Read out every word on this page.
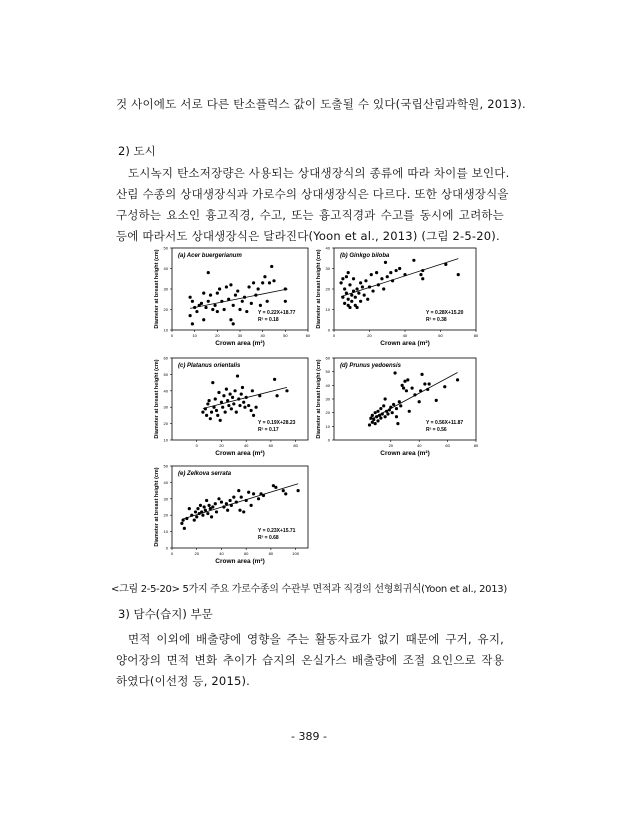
것 사이에도 서로 다른 탄소플럭스 값이 도출될 수 있다(국립산림과학원, 2013).
2) 도시
도시녹지 탄소저장량은 사용되는 상대생장식의 종류에 따라 차이를 보인다.
산림 수종의 상대생장식과 가로수의 상대생장식은 다르다. 또한 상대생장식을
구성하는 요소인 흉고직경, 수고, 또는 흉고직경과 수고를 동시에 고려하는
등에 따라서도 상대생장식은 달라진다(Yoon et al., 2013) (그림 2-5-20).
0	10	20	30	40	50	60
10
20
30
40
50
(a) Acer buergerianum
Y = 0.22X+18.77
R² = 0.18
Crown area (m²)
Diameter at breast height (cm)
0	20	40	60	80
0
10
20
30
40
(b) Ginkgo biloba
Y = 0.28X+15.20
R² = 0.38
Crown area (m²)
Diameter at breast height (cm)
0	20	40	60	80
10
20
30
40
50
60
(c) Platanus orientalis
Y = 0.19X+28.23
R² = 0.17
Crown area (m²)
Diameter at breast height (cm)
20	40	60	80
0
10
20
30
40
50
60
(d) Prunus yedoensis
Y = 0.56X+11.87
R² = 0.56
Crown area (m²)
Diameter at breast height (cm)
0	20	40	60	80	100
0
10
20
30
40
50
(e) Zelkova serrata
Y = 0.23X+15.71
R² = 0.68
Crown area (m²)
Diameter at breast height (cm)
<그림 2-5-20> 5가지 주요 가로수종의 수관부 면적과 직경의 선형회귀식(Yoon et al., 2013)
3) 담수(습지) 부문
면적 이외에 배출량에 영향을 주는 활동자료가 없기 때문에 구거, 유지,
양어장의 면적 변화 추이가 습지의 온실가스 배출량에 조절 요인으로 작용
하였다(이선정 등, 2015).
- 389 -
